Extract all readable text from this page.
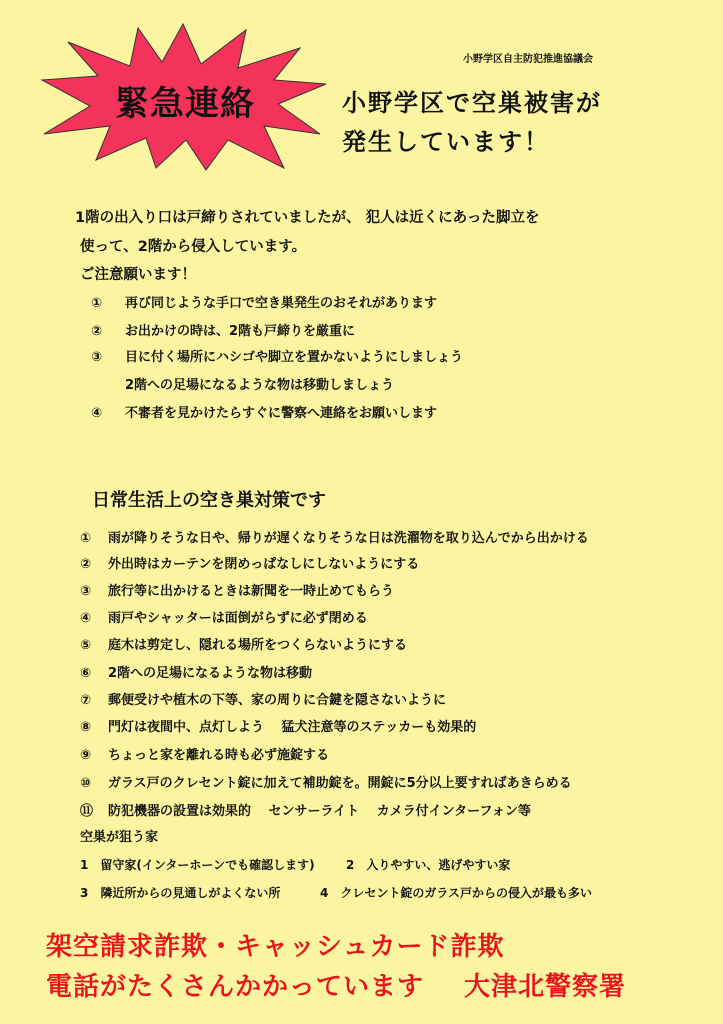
緊急連絡
小野学区自主防犯推進協議会
小野学区で空巣被害が
発生しています！
1階の出入り口は戸締りされていましたが、 犯人は近くにあった脚立を
使って、2階から侵入しています。
ご注意願います！
① 再び同じような手口で空き巣発生のおそれがあります
② お出かけの時は、2階も戸締りを厳重に
③ 目に付く場所にハシゴや脚立を置かないようにしましょう
2階への足場になるような物は移動しましょう
④ 不審者を見かけたらすぐに警察へ連絡をお願いします
日常生活上の空き巣対策です
① 雨が降りそうな日や、帰りが遅くなりそうな日は洗濯物を取り込んでから出かける
② 外出時はカーテンを閉めっぱなしにしないようにする
③ 旅行等に出かけるときは新聞を一時止めてもらう
④ 雨戸やシャッターは面倒がらずに必ず閉める
⑤ 庭木は剪定し、隠れる場所をつくらないようにする
⑥ 2階への足場になるような物は移動
⑦ 郵便受けや植木の下等、家の周りに合鍵を隠さないように
⑧ 門灯は夜間中、点灯しよう　 猛犬注意等のステッカーも効果的
⑨ ちょっと家を離れる時も必ず施錠する
⑩ ガラス戸のクレセント錠に加えて補助錠を。開錠に5分以上要すればあきらめる
⑪ 防犯機器の設置は効果的　 センサーライト　 カメラ付インターフォン等
空巣が狙う家
1　留守家(インターホーンでも確認します)	2　入りやすい、逃げやすい家
3　隣近所からの見通しがよくない所	4　クレセント錠のガラス戸からの侵入が最も多い
架空請求詐欺・キャッシュカード詐欺
電話がたくさんかかっています 大津北警察署
